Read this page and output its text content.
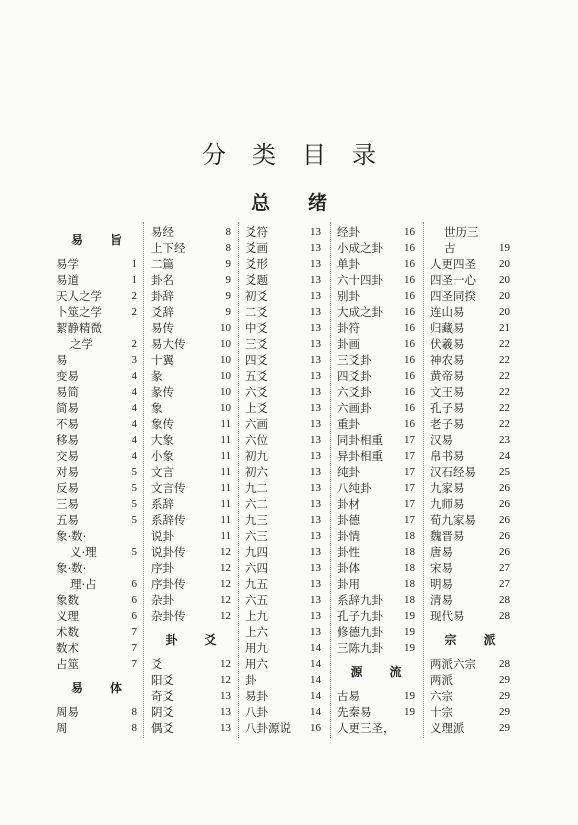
分类目录
总绪
易旨
易学	1
易道	1
天人之学	2
卜筮之学	2
絜静精微
之学	2
易	3
变易	4
易简	4
简易	4
不易	4
移易	4
交易	4
对易	5
反易	5
三易	5
五易	5
象·数·
义·理	5
象·数·
理·占	6
象数	6
义理	6
术数	7
数术	7
占筮	7
易体
周易	8
周	8
易经	8
上下经	8
二篇	9
卦名	9
卦辞	9
爻辞	9
易传	10
易大传	10
十翼	10
彖	10
彖传	10
象	10
象传	11
大象	11
小象	11
文言	11
文言传	11
系辞	11
系辞传	11
说卦	11
说卦传	12
序卦	12
序卦传	12
杂卦	12
杂卦传	12
卦爻
爻	12
阳爻	12
奇爻	13
阴爻	13
偶爻	13
爻符	13
爻画	13
爻形	13
爻题	13
初爻	13
二爻	13
中爻	13
三爻	13
四爻	13
五爻	13
六爻	13
上爻	13
六画	13
六位	13
初九	13
初六	13
九二	13
六二	13
九三	13
六三	13
九四	13
六四	13
九五	13
六五	13
上九	13
上六	13
用九	14
用六	14
卦	14
易卦	14
八卦	14
八卦源说	16
经卦	16
小成之卦	16
单卦	16
六十四卦	16
别卦	16
大成之卦	16
卦符	16
卦画	16
三爻卦	16
四爻卦	16
六爻卦	16
六画卦	16
重卦	16
同卦相重	17
异卦相重	17
纯卦	17
八纯卦	17
卦材	17
卦德	17
卦情	18
卦性	18
卦体	18
卦用	18
系辞九卦	18
孔子九卦	19
修德九卦	19
三陈九卦	19
源流
古易	19
先秦易	19
人更三圣，
世历三
古	19
人更四圣	20
四圣一心	20
四圣同揆	20
连山易	20
归藏易	21
伏羲易	22
神农易	22
黄帝易	22
文王易	22
孔子易	22
老子易	22
汉易	23
帛书易	24
汉石经易	25
九家易	26
九师易	26
荀九家易	26
魏晋易	26
唐易	26
宋易	27
明易	27
清易	28
现代易	28
宗派
两派六宗	28
两派	29
六宗	29
十宗	29
义理派	29
